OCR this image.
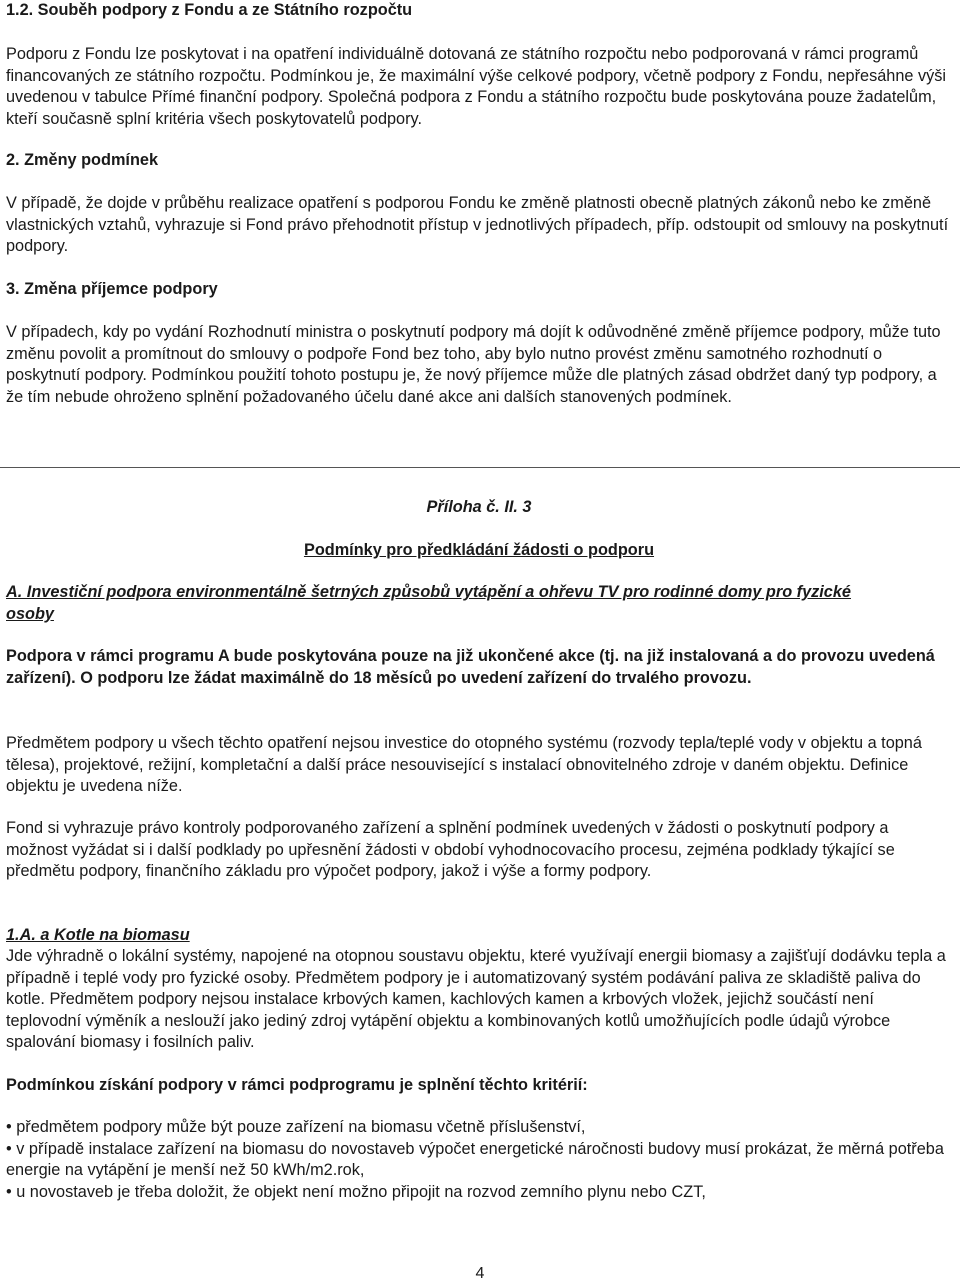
1.2. Souběh podpory z Fondu a ze Státního rozpočtu

Podporu z Fondu lze poskytovat i na opatření individuálně dotovaná ze státního rozpočtu nebo podporovaná v rámci programů financovaných ze státního rozpočtu. Podmínkou je, že maximální výše celkové podpory, včetně podpory z Fondu, nepřesáhne výši uvedenou v tabulce Přímé finanční podpory. Společná podpora z Fondu a státního rozpočtu bude poskytována pouze žadatelům, kteří současně splní kritéria všech poskytovatelů podpory.

2. Změny podmínek

V případě, že dojde v průběhu realizace opatření s podporou Fondu ke změně platnosti obecně platných zákonů nebo ke změně vlastnických vztahů, vyhrazuje si Fond právo přehodnotit přístup v jednotlivých případech, příp. odstoupit od smlouvy na poskytnutí podpory.

3. Změna příjemce podpory

V případech, kdy po vydání Rozhodnutí ministra o poskytnutí podpory má dojít k odůvodněné změně příjemce podpory, může tuto změnu povolit a promítnout do smlouvy o podpoře Fond bez toho, aby bylo nutno provést změnu samotného rozhodnutí o poskytnutí podpory. Podmínkou použití tohoto postupu je, že nový příjemce může dle platných zásad obdržet daný typ podpory, a že tím nebude ohroženo splnění požadovaného účelu dané akce ani dalších stanovených podmínek.

Příloha č. II. 3
Podmínky pro předkládání žádosti o podporu
A. Investiční podpora environmentálně šetrných způsobů vytápění a ohřevu TV pro rodinné domy pro fyzické osoby
Podpora v rámci programu A bude poskytována pouze na již ukončené akce (tj. na již instalovaná a do provozu uvedená zařízení). O podporu lze žádat maximálně do 18 měsíců po uvedení zařízení do trvalého provozu.

Předmětem podpory u všech těchto opatření nejsou investice do otopného systému (rozvody tepla/teplé vody v objektu a topná tělesa), projektové, režijní, kompletační a další práce nesouvisející s instalací obnovitelného zdroje v daném objektu. Definice objektu je uvedena níže.

Fond si vyhrazuje právo kontroly podporovaného zařízení a splnění podmínek uvedených v žádosti o poskytnutí podpory a možnost vyžádat si i další podklady po upřesnění žádosti v období vyhodnocovacího procesu, zejména podklady týkající se předmětu podpory, finančního základu pro výpočet podpory, jakož i výše a formy podpory.

1.A. a Kotle na biomasu

Jde výhradně o lokální systémy, napojené na otopnou soustavu objektu, které využívají energii biomasy a zajišťují dodávku tepla a případně i teplé vody pro fyzické osoby. Předmětem podpory je i automatizovaný systém podávání paliva ze skladiště paliva do kotle. Předmětem podpory nejsou instalace krbových kamen, kachlových kamen a krbových vložek, jejichž součástí není teplovodní výměník a neslouží jako jediný zdroj vytápění objektu a kombinovaných kotlů umožňujících podle údajů výrobce spalování biomasy i fosilních paliv.

Podmínkou získání podpory v rámci podprogramu je splnění těchto kritérií:

• předmětem podpory může být pouze zařízení na biomasu včetně příslušenství,

• v případě instalace zařízení na biomasu do novostaveb výpočet energetické náročnosti budovy musí prokázat, že měrná potřeba energie na vytápění je menší než 50 kWh/m2.rok,

• u novostaveb je třeba doložit, že objekt není možno připojit na rozvod zemního plynu nebo CZT,

4
